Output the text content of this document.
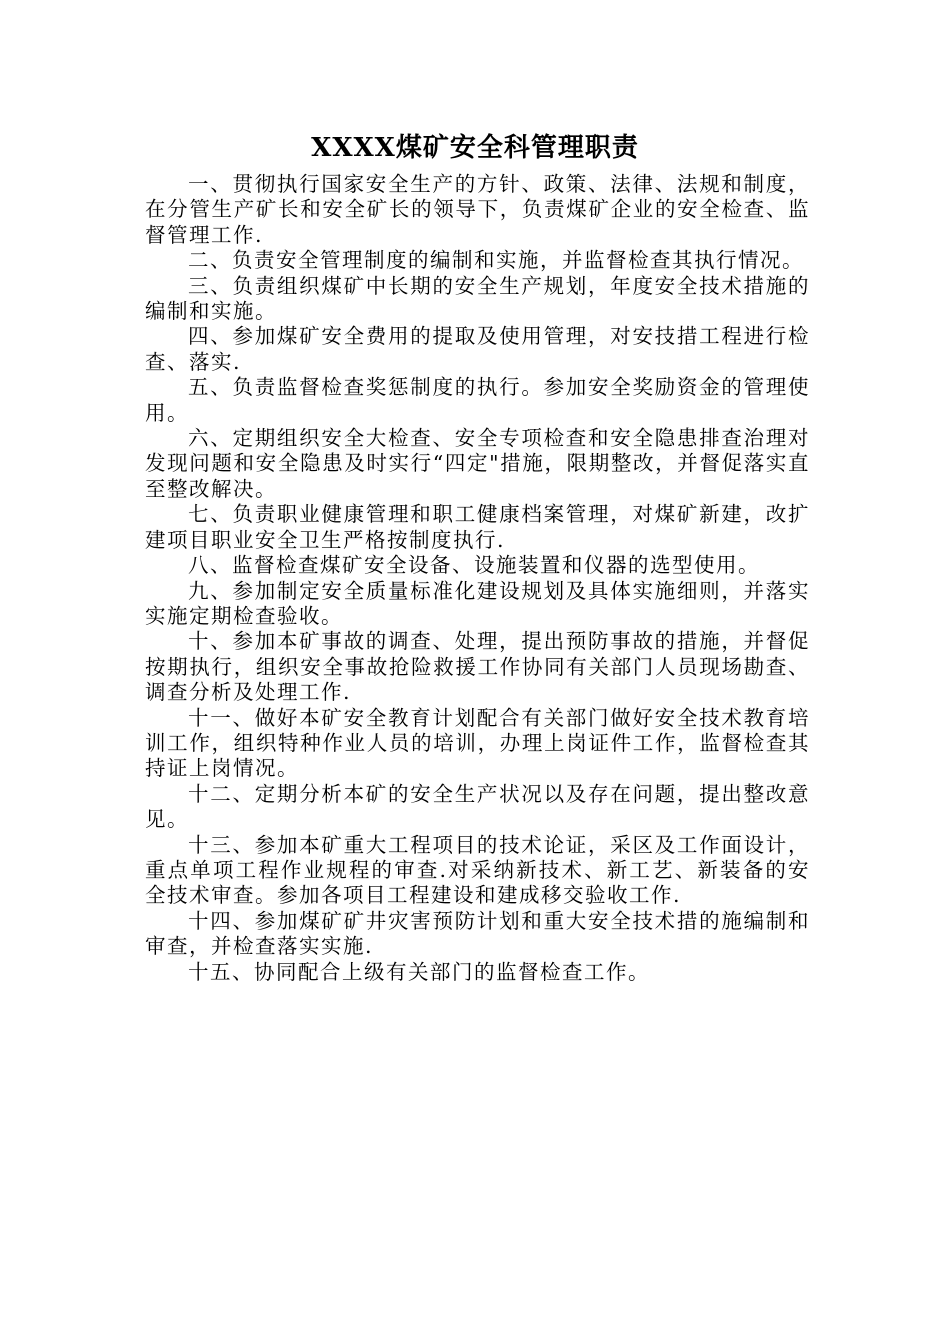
XXXX煤矿安全科管理职责

一、贯彻执行国家安全生产的方针、政策、法律、法规和制度，在分管生产矿长和安全矿长的领导下，负责煤矿企业的安全检查、监督管理工作.

二、负责安全管理制度的编制和实施，并监督检查其执行情况。

三、负责组织煤矿中长期的安全生产规划，年度安全技术措施的编制和实施。

四、参加煤矿安全费用的提取及使用管理，对安技措工程进行检查、落实.

五、负责监督检查奖惩制度的执行。参加安全奖励资金的管理使用。

六、定期组织安全大检查、安全专项检查和安全隐患排查治理对发现问题和安全隐患及时实行“四定"措施，限期整改，并督促落实直至整改解决。

七、负责职业健康管理和职工健康档案管理，对煤矿新建，改扩建项目职业安全卫生严格按制度执行.

八、监督检查煤矿安全设备、设施装置和仪器的选型使用。

九、参加制定安全质量标准化建设规划及具体实施细则，并落实实施定期检查验收。

十、参加本矿事故的调查、处理，提出预防事故的措施，并督促按期执行，组织安全事故抢险救援工作协同有关部门人员现场勘查、调查分析及处理工作.

十一、做好本矿安全教育计划配合有关部门做好安全技术教育培训工作，组织特种作业人员的培训，办理上岗证件工作，监督检查其持证上岗情况。

十二、定期分析本矿的安全生产状况以及存在问题，提出整改意见。

十三、参加本矿重大工程项目的技术论证，采区及工作面设计，重点单项工程作业规程的审查.对采纳新技术、新工艺、新装备的安全技术审查。参加各项目工程建设和建成移交验收工作.

十四、参加煤矿矿井灾害预防计划和重大安全技术措的施编制和审查，并检查落实实施.

十五、协同配合上级有关部门的监督检查工作。
